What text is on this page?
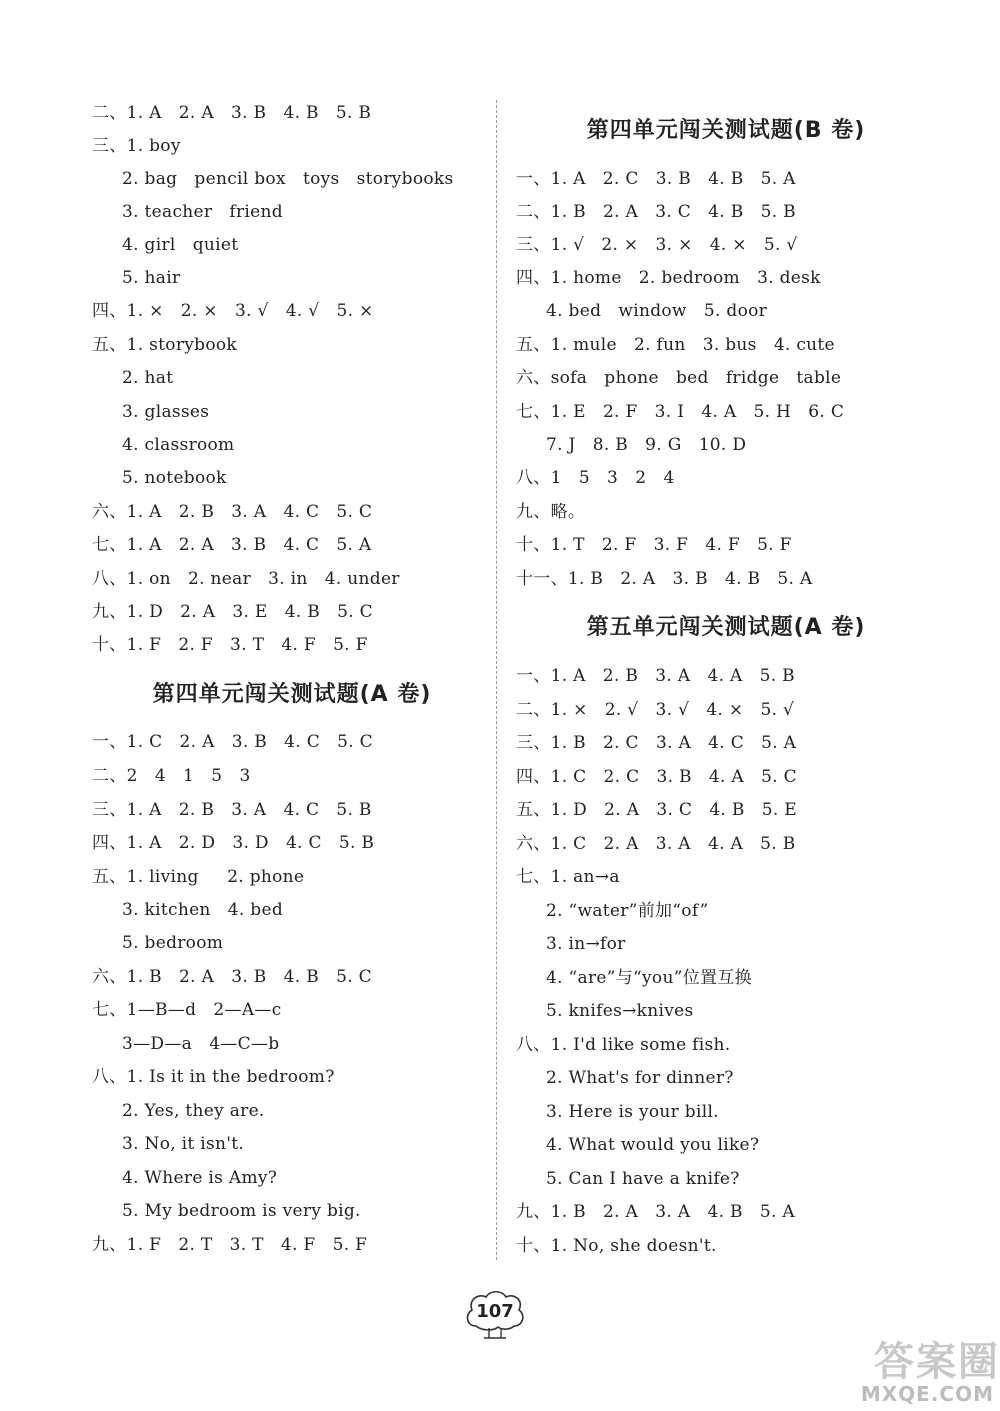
二、1. A   2. A   3. B   4. B   5. B
三、1. boy
2. bag   pencil box   toys   storybooks
3. teacher   friend
4. girl   quiet
5. hair
四、1. ×   2. ×   3. √   4. √   5. ×
五、1. storybook
2. hat
3. glasses
4. classroom
5. notebook
六、1. A   2. B   3. A   4. C   5. C
七、1. A   2. A   3. B   4. C   5. A
八、1. on   2. near   3. in   4. under
九、1. D   2. A   3. E   4. B   5. C
十、1. F   2. F   3. T   4. F   5. F
第四单元闯关测试题(A 卷)
一、1. C   2. A   3. B   4. C   5. C
二、2   4   1   5   3
三、1. A   2. B   3. A   4. C   5. B
四、1. A   2. D   3. D   4. C   5. B
五、1. living     2. phone
3. kitchen   4. bed
5. bedroom
六、1. B   2. A   3. B   4. B   5. C
七、1—B—d   2—A—c
3—D—a   4—C—b
八、1. Is it in the bedroom?
2. Yes, they are.
3. No, it isn't.
4. Where is Amy?
5. My bedroom is very big.
九、1. F   2. T   3. T   4. F   5. F
第四单元闯关测试题(B 卷)
一、1. A   2. C   3. B   4. B   5. A
二、1. B   2. A   3. C   4. B   5. B
三、1. √   2. ×   3. ×   4. ×   5. √
四、1. home   2. bedroom   3. desk
4. bed   window   5. door
五、1. mule   2. fun   3. bus   4. cute
六、sofa   phone   bed   fridge   table
七、1. E   2. F   3. I   4. A   5. H   6. C
7. J   8. B   9. G   10. D
八、1   5   3   2   4
九、略。
十、1. T   2. F   3. F   4. F   5. F
十一、1. B   2. A   3. B   4. B   5. A
第五单元闯关测试题(A 卷)
一、1. A   2. B   3. A   4. A   5. B
二、1. ×   2. √   3. √   4. ×   5. √
三、1. B   2. C   3. A   4. C   5. A
四、1. C   2. C   3. B   4. A   5. C
五、1. D   2. A   3. C   4. B   5. E
六、1. C   2. A   3. A   4. A   5. B
七、1. an→a
2. “water”前加“of”
3. in→for
4. “are”与“you”位置互换
5. knifes→knives
八、1. I'd like some fish.
2. What's for dinner?
3. Here is your bill.
4. What would you like?
5. Can I have a knife?
九、1. B   2. A   3. A   4. B   5. A
十、1. No, she doesn't.
107
答案圈
MXQE.COM
